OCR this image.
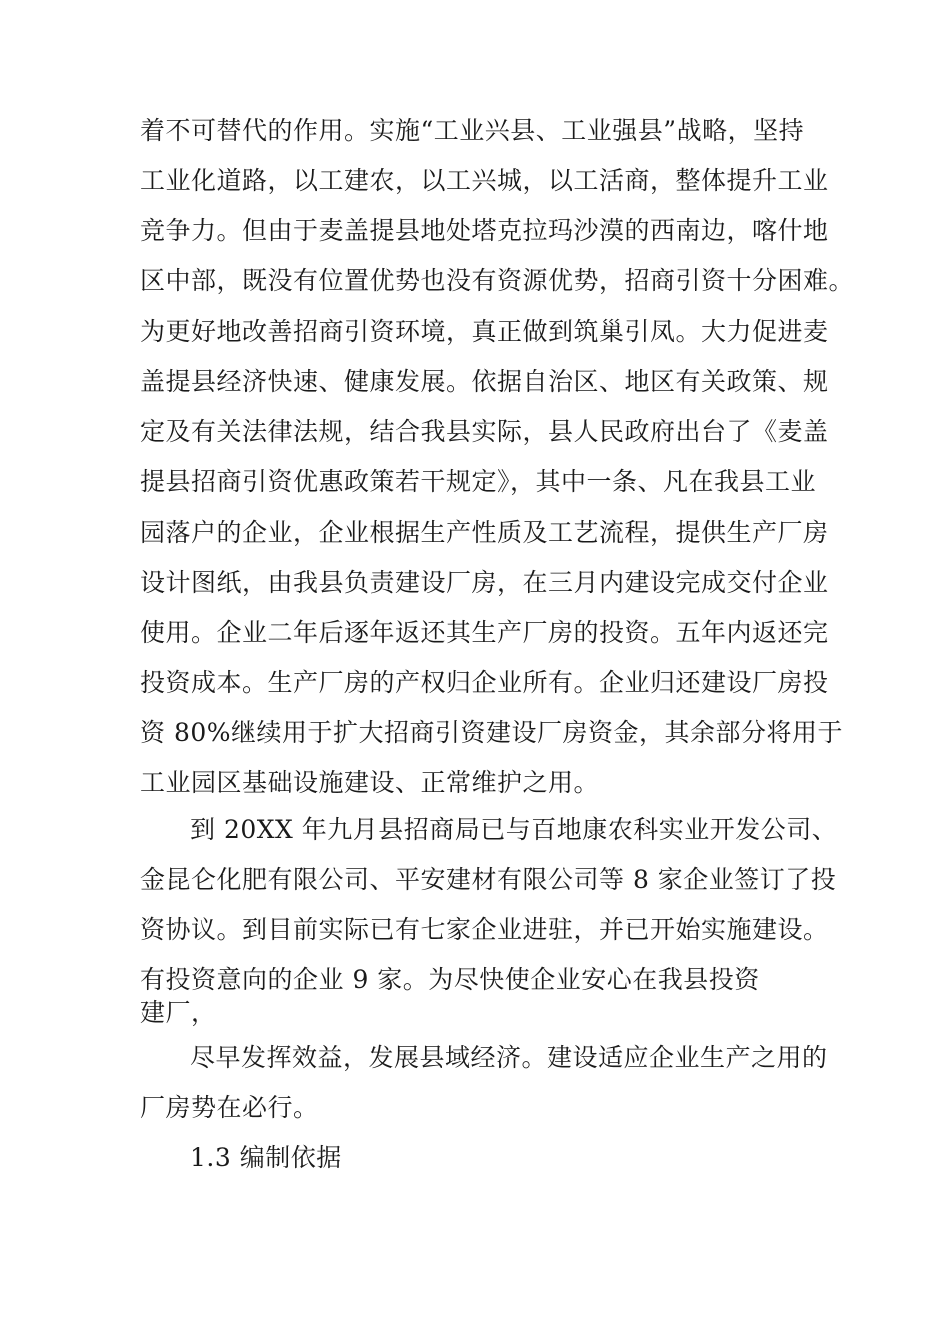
着不可替代的作用。实施“工业兴县、工业强县”战略，坚持
工业化道路，以工建农，以工兴城，以工活商，整体提升工业
竞争力。但由于麦盖提县地处塔克拉玛沙漠的西南边，喀什地
区中部，既没有位置优势也没有资源优势，招商引资十分困难。
为更好地改善招商引资环境，真正做到筑巢引凤。大力促进麦
盖提县经济快速、健康发展。依据自治区、地区有关政策、规
定及有关法律法规，结合我县实际，县人民政府出台了《麦盖
提县招商引资优惠政策若干规定》，其中一条、凡在我县工业
园落户的企业，企业根据生产性质及工艺流程，提供生产厂房
设计图纸，由我县负责建设厂房，在三月内建设完成交付企业
使用。企业二年后逐年返还其生产厂房的投资。五年内返还完
投资成本。生产厂房的产权归企业所有。企业归还建设厂房投
资 80%继续用于扩大招商引资建设厂房资金，其余部分将用于
工业园区基础设施建设、正常维护之用。
到 20XX 年九月县招商局已与百地康农科实业开发公司、
金昆仑化肥有限公司、平安建材有限公司等 8 家企业签订了投
资协议。到目前实际已有七家企业进驻，并已开始实施建设。
有投资意向的企业 9 家。为尽快使企业安心在我县投资
建厂，
尽早发挥效益，发展县域经济。建设适应企业生产之用的
厂房势在必行。
1.3 编制依据
